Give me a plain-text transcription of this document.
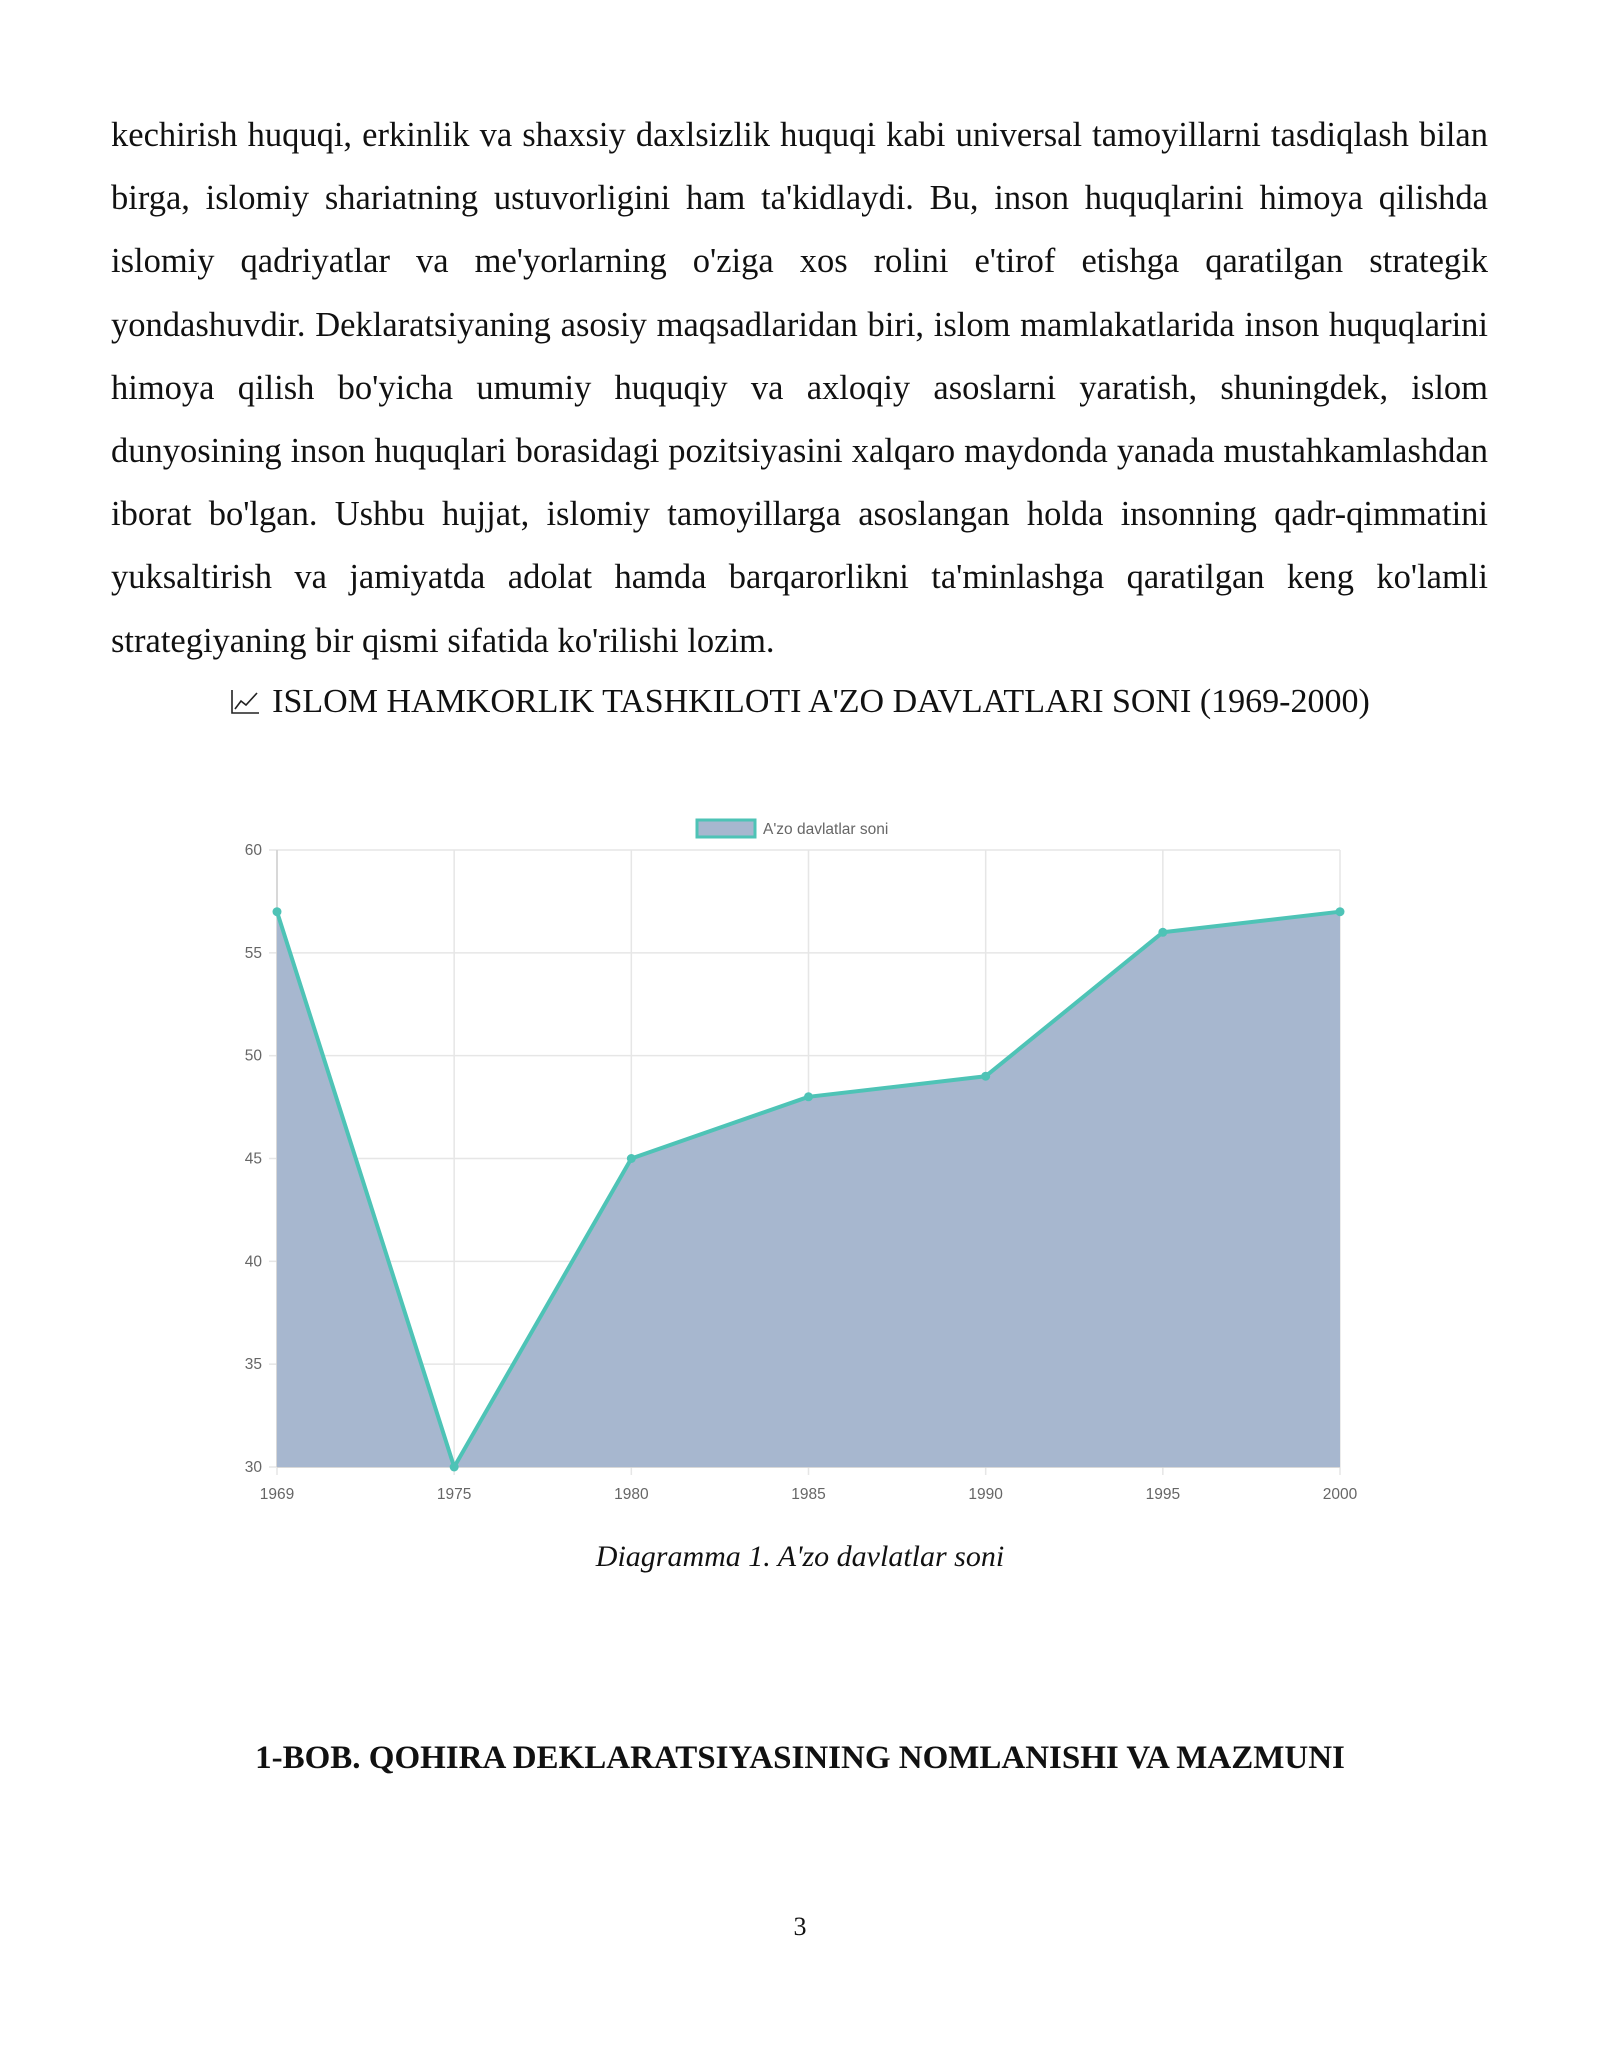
kechirish huquqi, erkinlik va shaxsiy daxlsizlik huquqi kabi universal tamoyillarni tasdiqlash bilan birga, islomiy shariatning ustuvorligini ham ta'kidlaydi. Bu, inson huquqlarini himoya qilishda islomiy qadriyatlar va me'yorlarning o'ziga xos rolini e'tirof etishga qaratilgan strategik yondashuvdir. Deklaratsiyaning asosiy maqsadlaridan biri, islom mamlakatlarida inson huquqlarini himoya qilish bo'yicha umumiy huquqiy va axloqiy asoslarni yaratish, shuningdek, islom dunyosining inson huquqlari borasidagi pozitsiyasini xalqaro maydonda yanada mustahkamlashdan iborat bo'lgan. Ushbu hujjat, islomiy tamoyillarga asoslangan holda insonning qadr-qimmatini yuksaltirish va jamiyatda adolat hamda barqarorlikni ta'minlashga qaratilgan keng ko'lamli strategiyaning bir qismi sifatida ko'rilishi lozim.

ISLOM HAMKORLIK TASHKILOTI A'ZO DAVLATLARI SONI (1969-2000)

30
35
40
45
50
55
60
1969	1975	1980	1985	1990	1995	2000
A'zo davlatlar soni

Diagramma 1. A'zo davlatlar soni

1-BOB. QOHIRA DEKLARATSIYASINING NOMLANISHI VA MAZMUNI

3
